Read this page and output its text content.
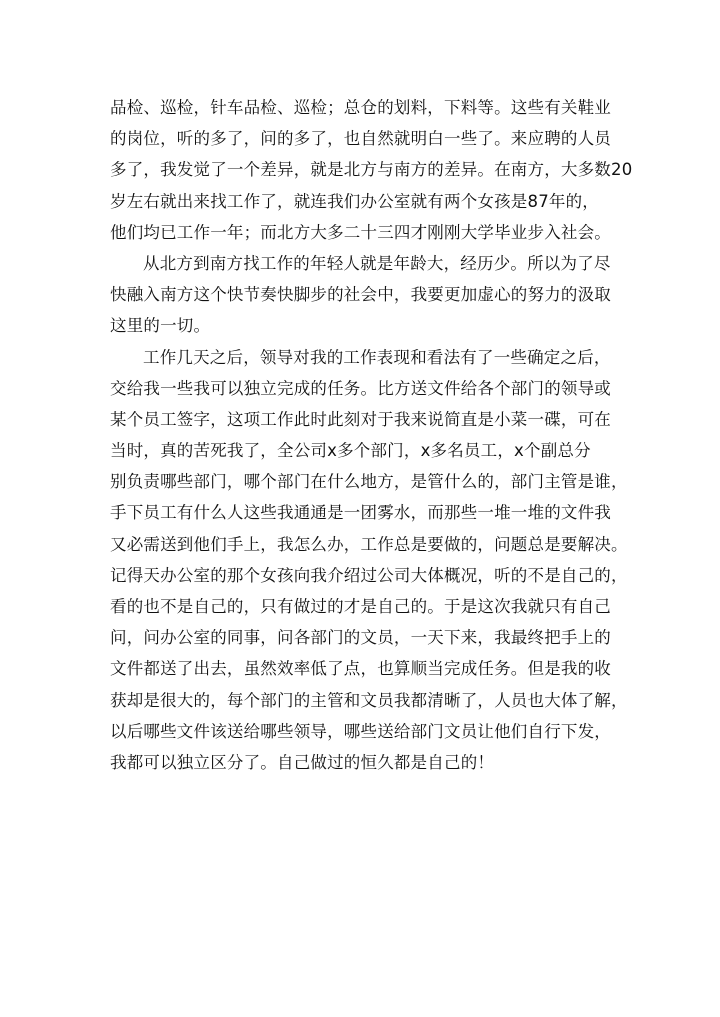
品检、巡检，针车品检、巡检；总仓的划料，下料等。这些有关鞋业
的岗位，听的多了，问的多了，也自然就明白一些了。来应聘的人员
多了，我发觉了一个差异，就是北方与南方的差异。在南方，大多数20
岁左右就出来找工作了，就连我们办公室就有两个女孩是87年的，
他们均已工作一年；而北方大多二十三四才刚刚大学毕业步入社会。
从北方到南方找工作的年轻人就是年龄大，经历少。所以为了尽
快融入南方这个快节奏快脚步的社会中，我要更加虚心的努力的汲取
这里的一切。
工作几天之后，领导对我的工作表现和看法有了一些确定之后，
交给我一些我可以独立完成的任务。比方送文件给各个部门的领导或
某个员工签字，这项工作此时此刻对于我来说简直是小菜一碟，可在
当时，真的苦死我了，全公司x多个部门，x多名员工，x个副总分
别负责哪些部门，哪个部门在什么地方，是管什么的，部门主管是谁，
手下员工有什么人这些我通通是一团雾水，而那些一堆一堆的文件我
又必需送到他们手上，我怎么办，工作总是要做的，问题总是要解决。
记得天办公室的那个女孩向我介绍过公司大体概况，听的不是自己的，
看的也不是自己的，只有做过的才是自己的。于是这次我就只有自己
问，问办公室的同事，问各部门的文员，一天下来，我最终把手上的
文件都送了出去，虽然效率低了点，也算顺当完成任务。但是我的收
获却是很大的，每个部门的主管和文员我都清晰了，人员也大体了解，
以后哪些文件该送给哪些领导，哪些送给部门文员让他们自行下发，
我都可以独立区分了。自己做过的恒久都是自己的！
